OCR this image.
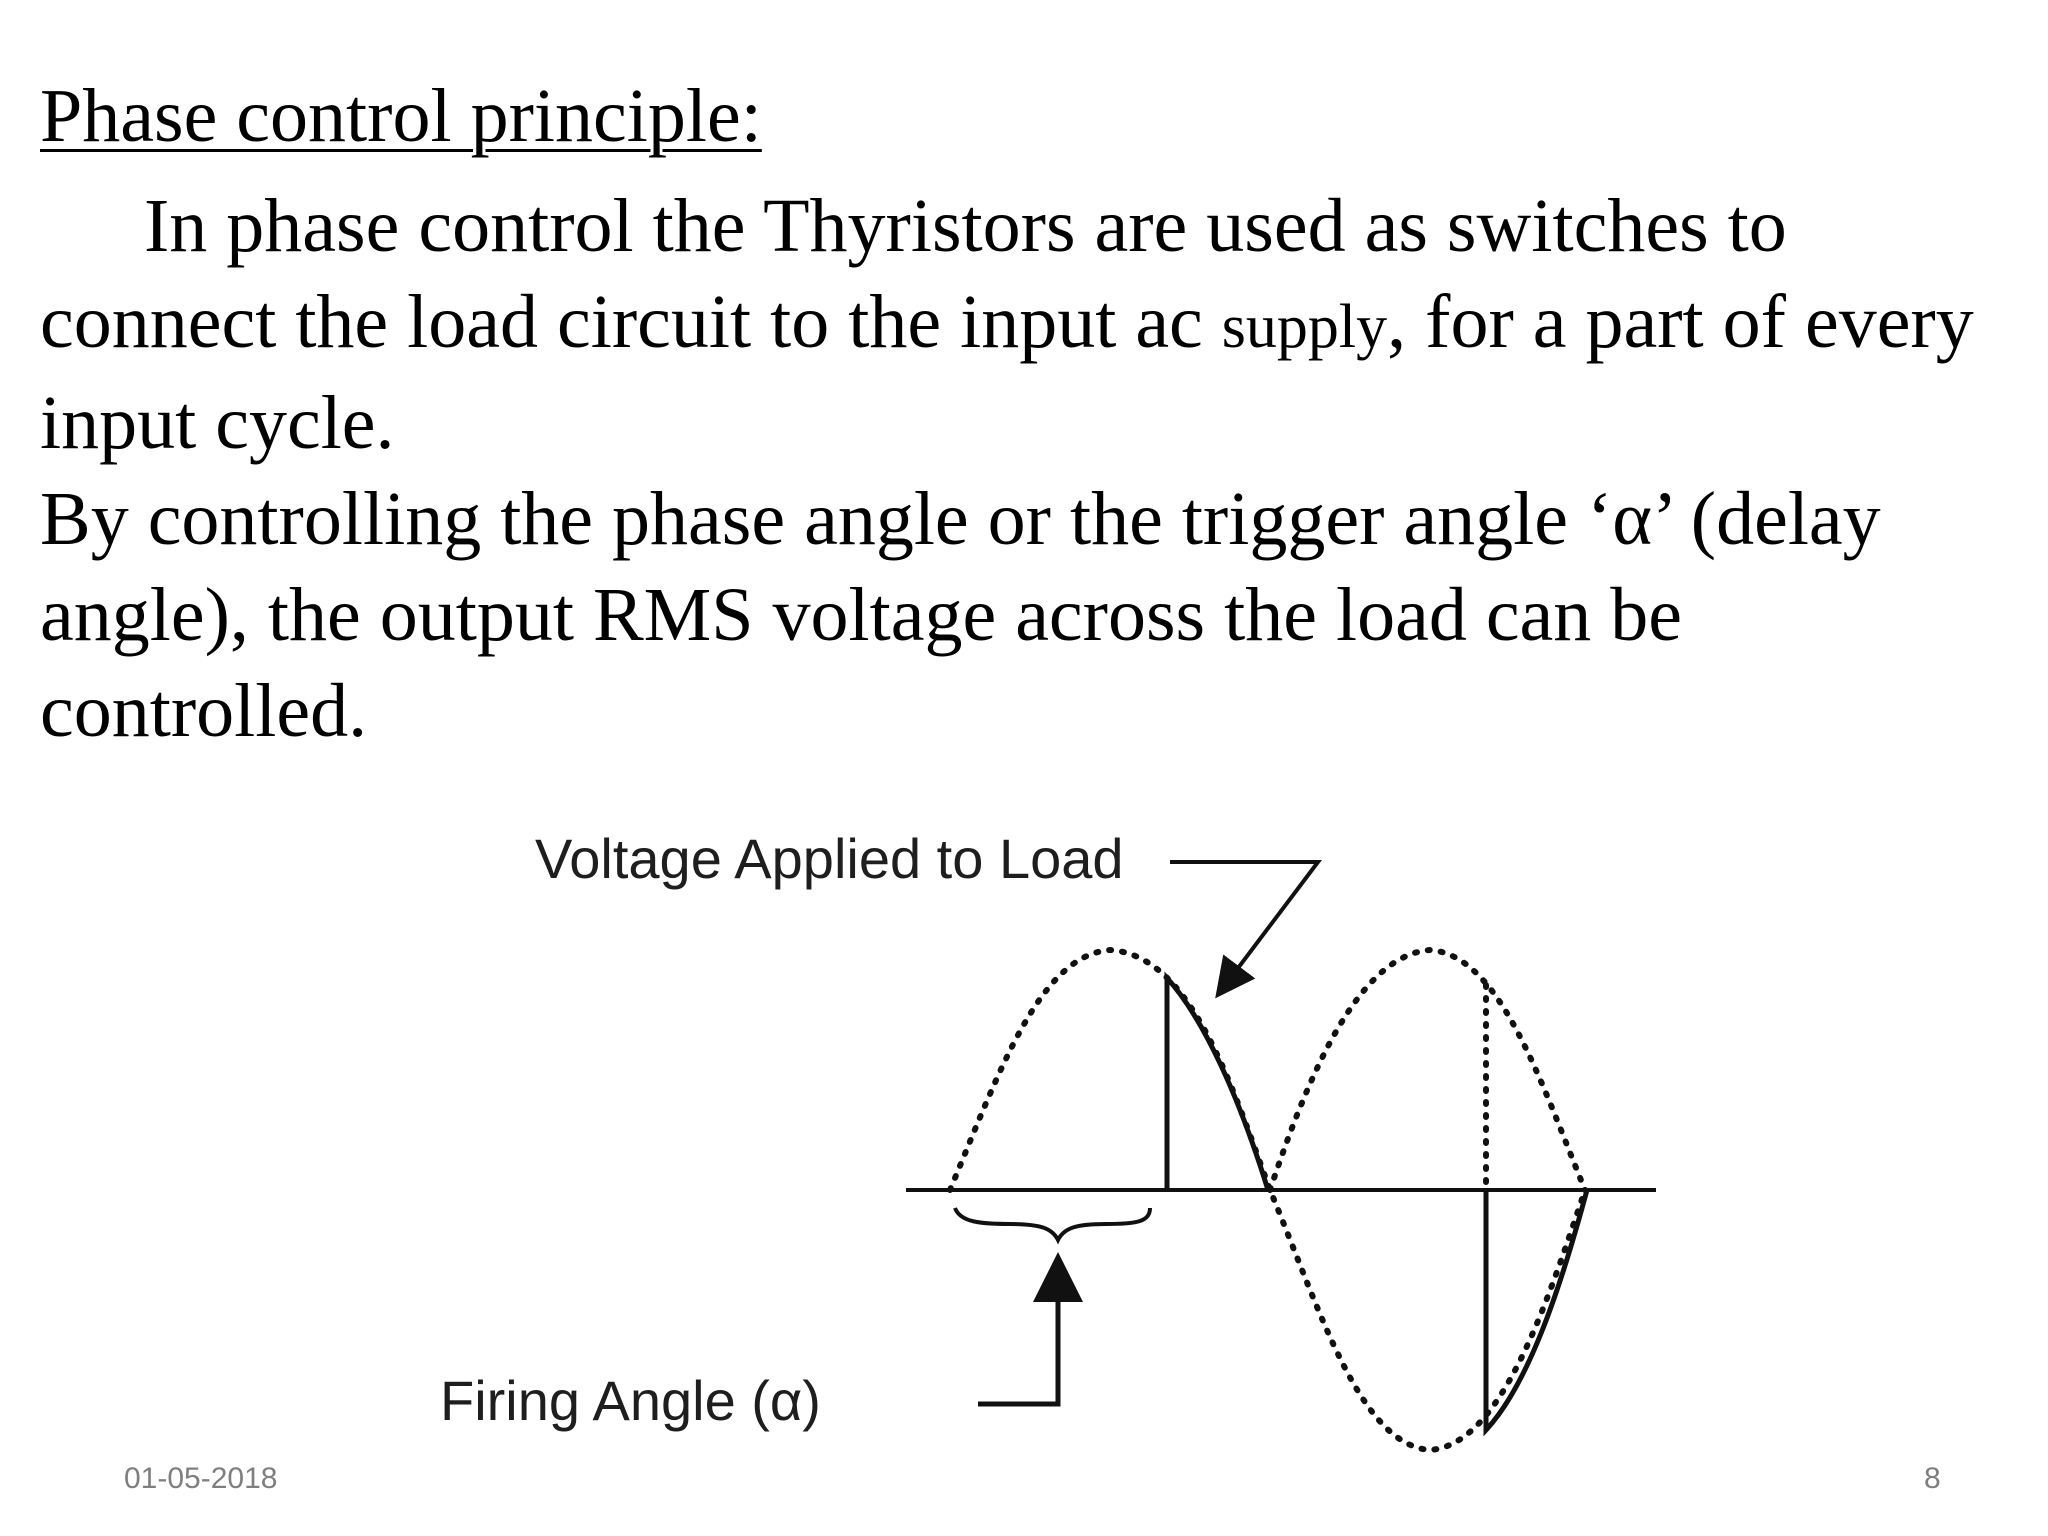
Phase control principle:

In phase control the Thyristors are used as switches to connect the load circuit to the input ac supply, for a part of every input cycle.

By controlling the phase angle or the trigger angle ‘α’ (delay angle), the output RMS voltage across the load can be controlled.

Voltage Applied to Load
Firing Angle (α)
01-05-2018	8
